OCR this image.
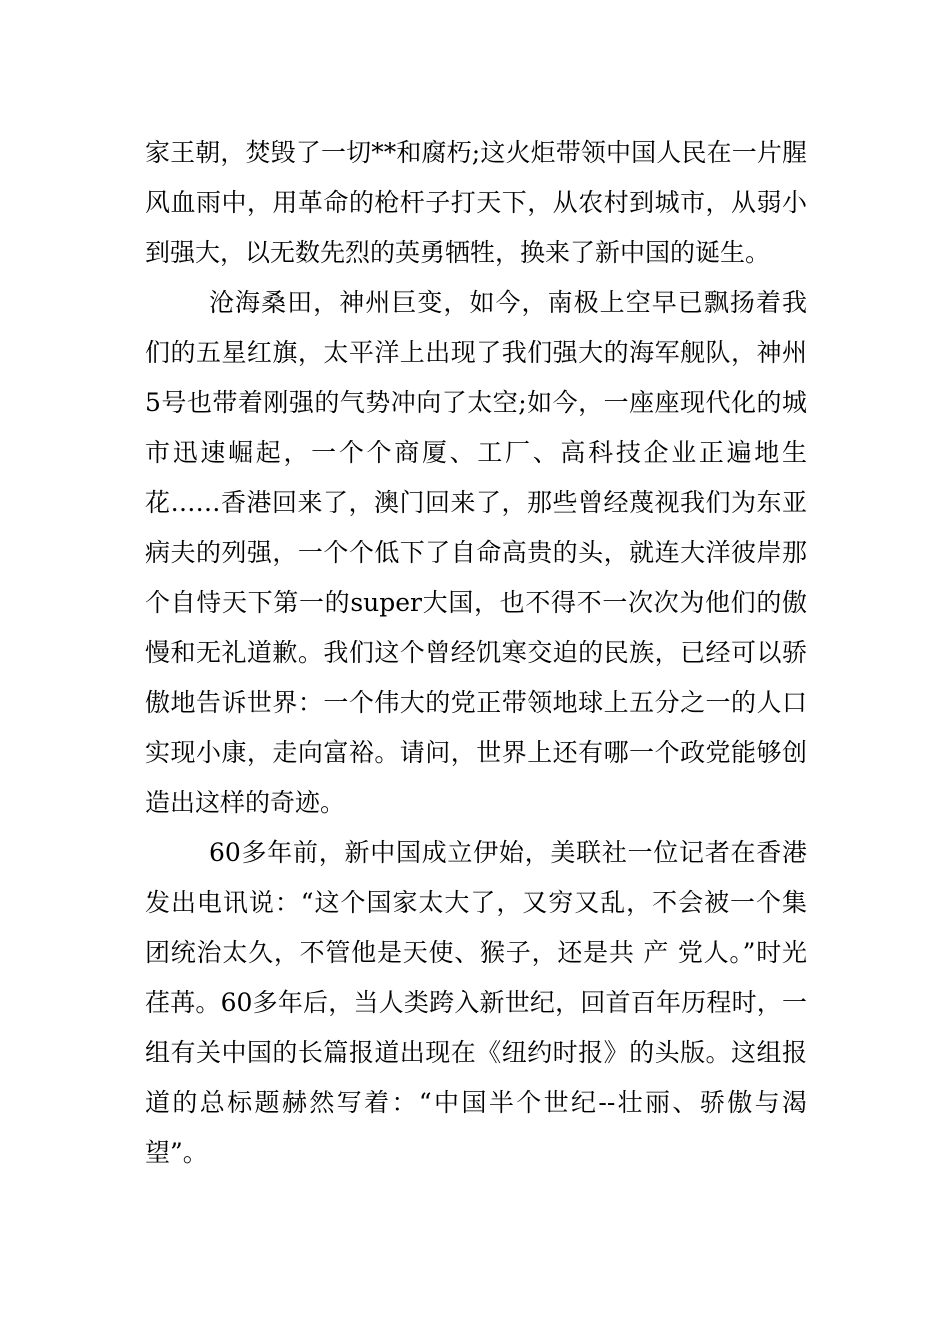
家王朝，焚毁了一切**和腐朽;这火炬带领中国人民在一片腥风血雨中，用革命的枪杆子打天下，从农村到城市，从弱小到强大，以无数先烈的英勇牺牲，换来了新中国的诞生。

沧海桑田，神州巨变，如今，南极上空早已飘扬着我们的五星红旗，太平洋上出现了我们强大的海军舰队，神州5号也带着刚强的气势冲向了太空;如今，一座座现代化的城市迅速崛起，一个个商厦、工厂、高科技企业正遍地生花……香港回来了，澳门回来了，那些曾经蔑视我们为东亚病夫的列强，一个个低下了自命高贵的头，就连大洋彼岸那个自恃天下第一的super大国，也不得不一次次为他们的傲慢和无礼道歉。我们这个曾经饥寒交迫的民族，已经可以骄傲地告诉世界：一个伟大的党正带领地球上五分之一的人口实现小康，走向富裕。请问，世界上还有哪一个政党能够创造出这样的奇迹。

60多年前，新中国成立伊始，美联社一位记者在香港发出电讯说：“这个国家太大了，又穷又乱，不会被一个集团统治太久，不管他是天使、猴子，还是共 产 党人。”时光荏苒。60多年后，当人类跨入新世纪，回首百年历程时，一组有关中国的长篇报道出现在《纽约时报》的头版。这组报道的总标题赫然写着：“中国半个世纪--壮丽、骄傲与渴望”。
